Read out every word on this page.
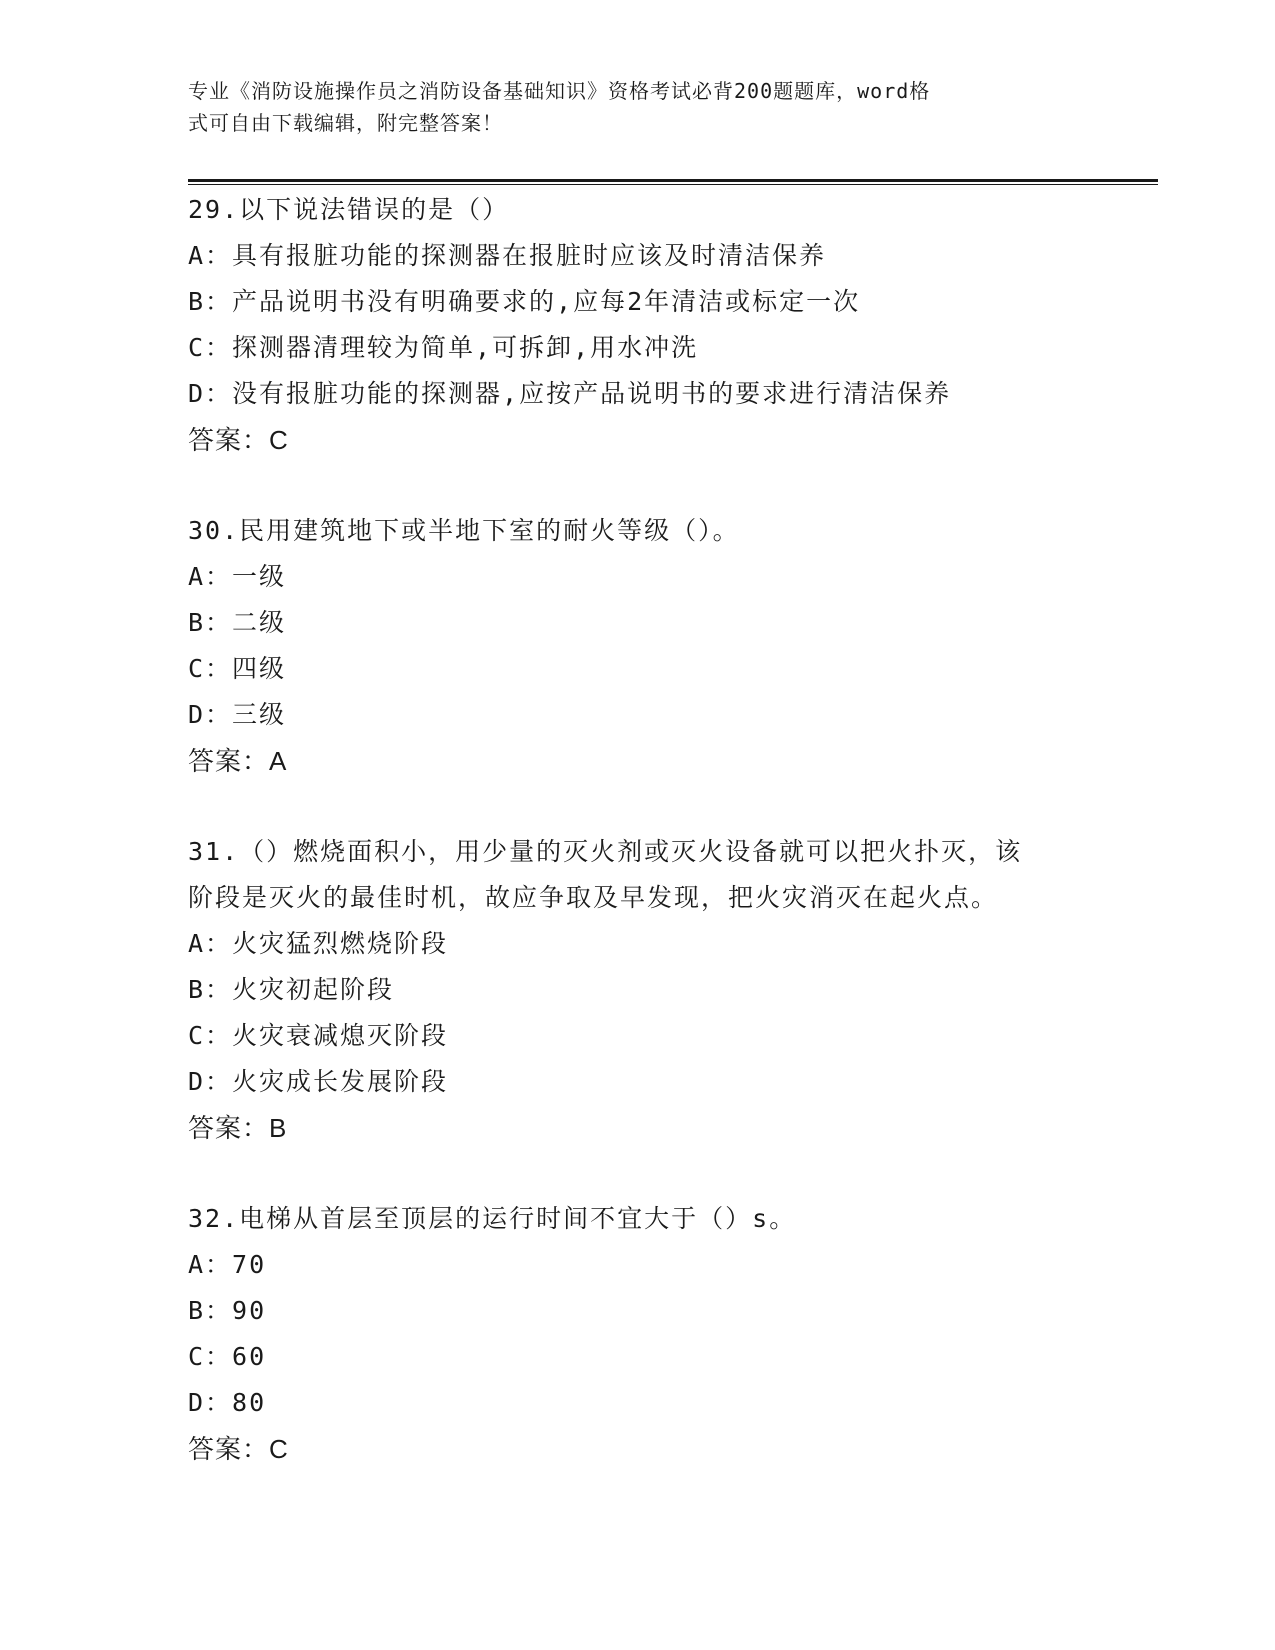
专业《消防设施操作员之消防设备基础知识》资格考试必背200题题库，word格
式可自由下载编辑，附完整答案！
29.以下说法错误的是（）
A：具有报脏功能的探测器在报脏时应该及时清洁保养
B：产品说明书没有明确要求的,应每2年清洁或标定一次
C：探测器清理较为简单,可拆卸,用水冲洗
D：没有报脏功能的探测器,应按产品说明书的要求进行清洁保养
答案：C
30.民用建筑地下或半地下室的耐火等级（）。
A：一级
B：二级
C：四级
D：三级
答案：A
31.（）燃烧面积小，用少量的灭火剂或灭火设备就可以把火扑灭，该
阶段是灭火的最佳时机，故应争取及早发现，把火灾消灭在起火点。
A：火灾猛烈燃烧阶段
B：火灾初起阶段
C：火灾衰减熄灭阶段
D：火灾成长发展阶段
答案：B
32.电梯从首层至顶层的运行时间不宜大于（）s。
A：70
B：90
C：60
D：80
答案：C
